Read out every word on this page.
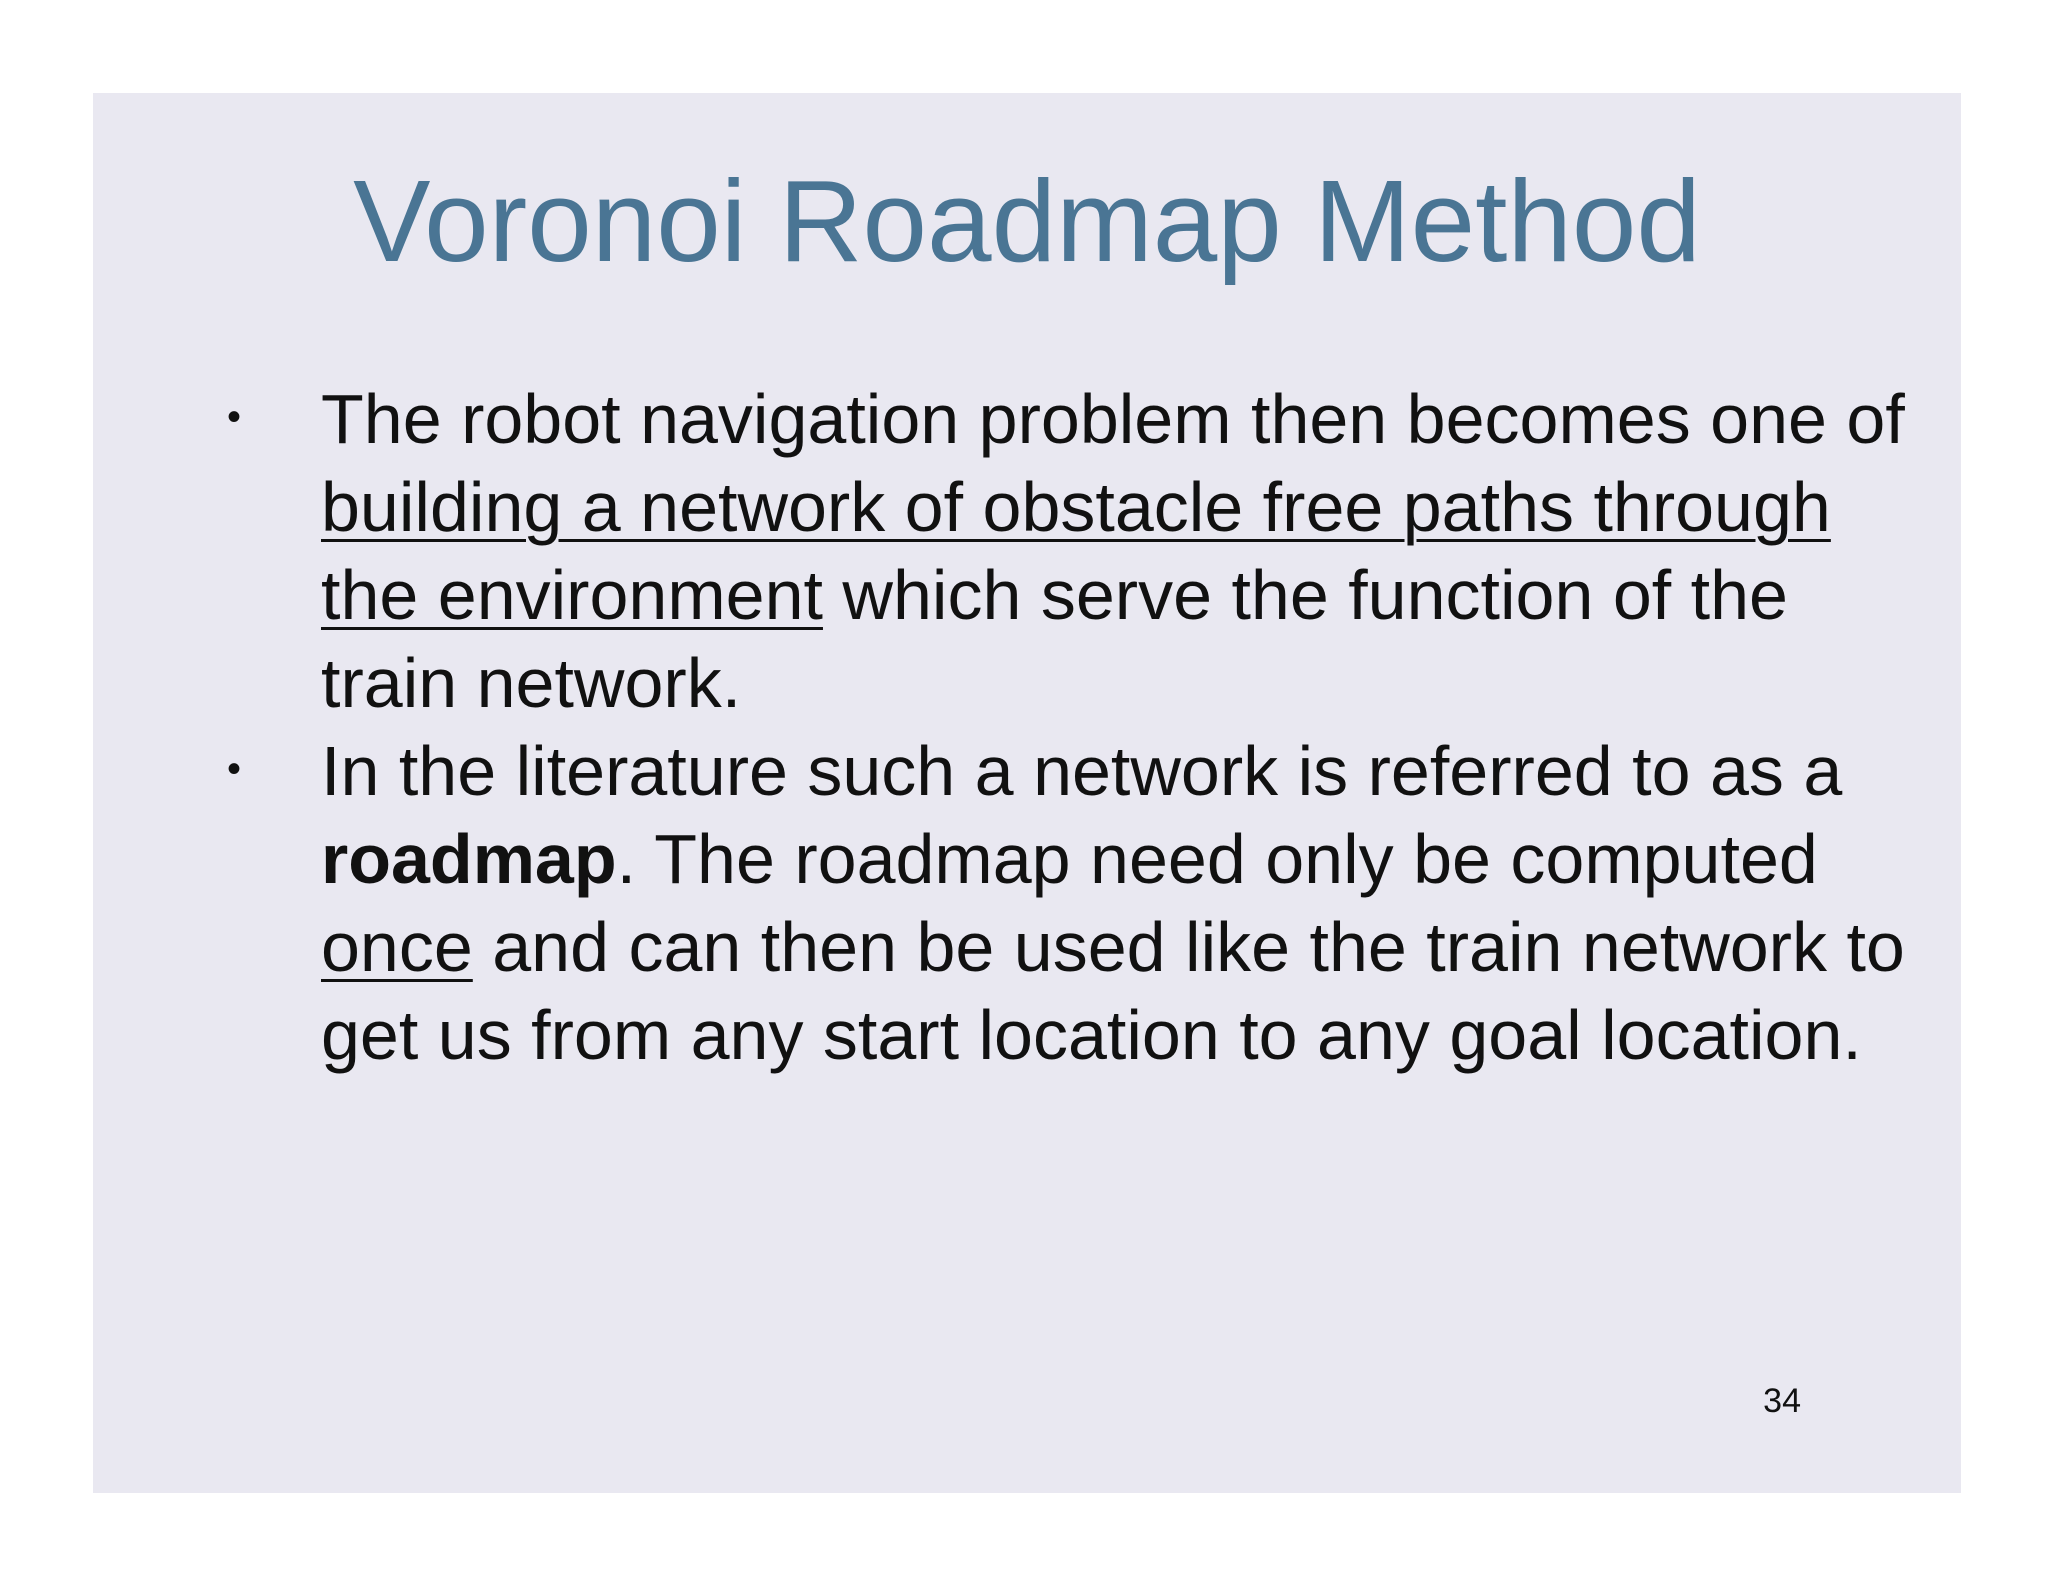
Voronoi Roadmap Method
• The robot navigation problem then becomes one of
building a network of obstacle free paths through
the environment which serve the function of the
train network.
• In the literature such a network is referred to as a
roadmap. The roadmap need only be computed
once and can then be used like the train network to
get us from any start location to any goal location.
34
